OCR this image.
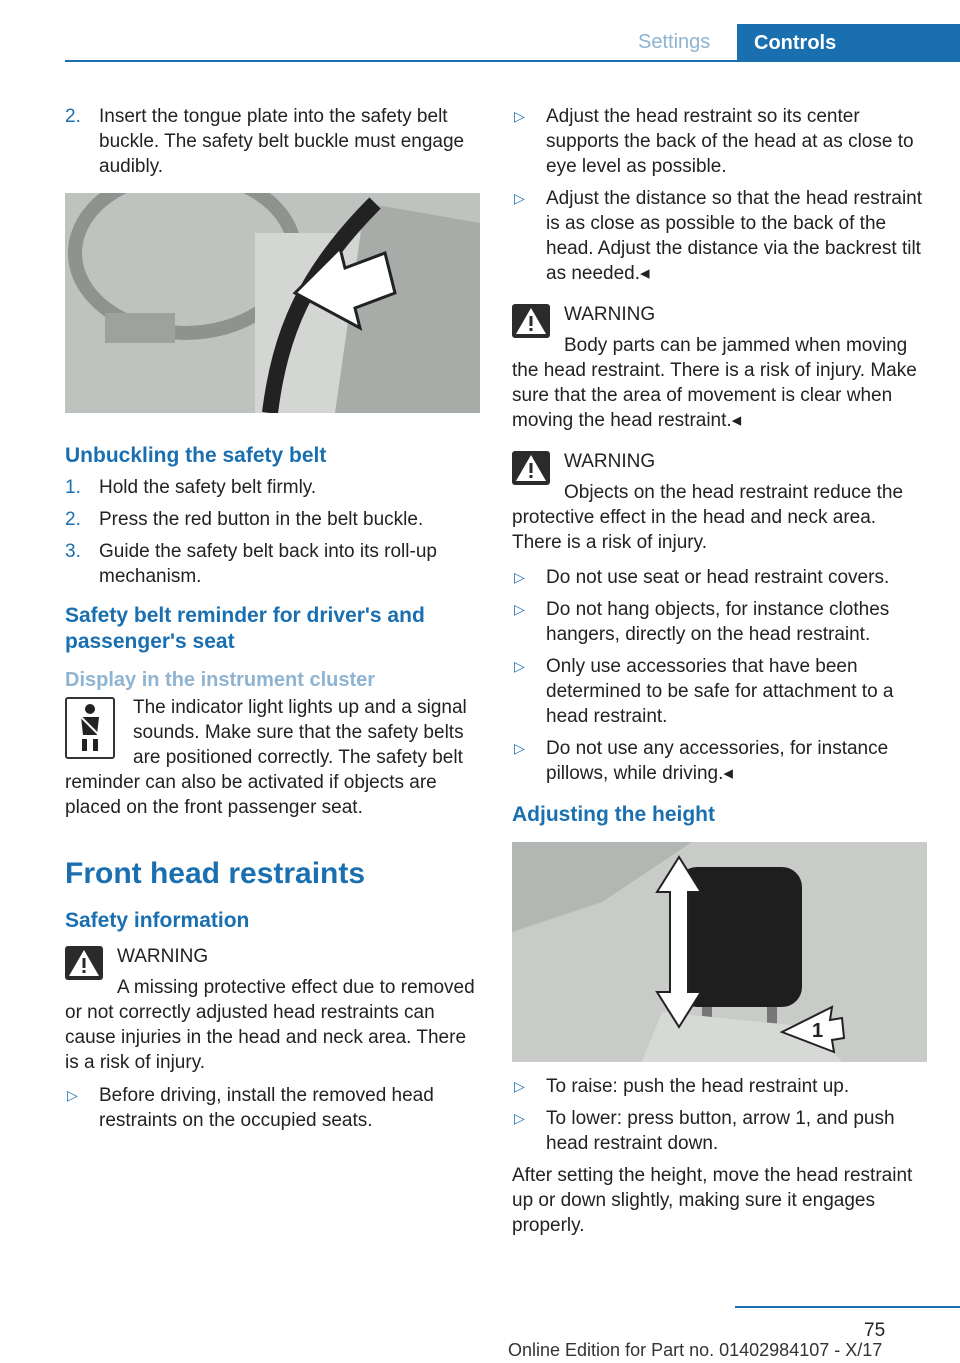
Settings	Controls
2. Insert the tongue plate into the safety belt buckle. The safety belt buckle must engage audibly.
Unbuckling the safety belt
1. Hold the safety belt firmly.
2. Press the red button in the belt buckle.
3. Guide the safety belt back into its roll-up mechanism.
Safety belt reminder for driver's and passenger's seat
Display in the instrument cluster

The indicator light lights up and a signal sounds. Make sure that the safety belts are positioned correctly. The safety belt reminder can also be activated if objects are placed on the front passenger seat.

Front head restraints
Safety information
WARNING

A missing protective effect due to removed or not correctly adjusted head restraints can cause injuries in the head and neck area. There is a risk of injury.

▷ Before driving, install the removed head restraints on the occupied seats.
▷ Adjust the head restraint so its center supports the back of the head at as close to eye level as possible.
▷ Adjust the distance so that the head restraint is as close as possible to the back of the head. Adjust the distance via the backrest tilt as needed.◂
WARNING

Body parts can be jammed when moving the head restraint. There is a risk of injury. Make sure that the area of movement is clear when moving the head restraint.◂

WARNING

Objects on the head restraint reduce the protective effect in the head and neck area. There is a risk of injury.

▷ Do not use seat or head restraint covers.
▷ Do not hang objects, for instance clothes hangers, directly on the head restraint.
▷ Only use accessories that have been determined to be safe for attachment to a head restraint.
▷ Do not use any accessories, for instance pillows, while driving.◂
Adjusting the height
1
▷ To raise: push the head restraint up.
▷ To lower: press button, arrow 1, and push head restraint down.

After setting the height, move the head restraint up or down slightly, making sure it engages properly.

75
Online Edition for Part no. 01402984107 - X/17
